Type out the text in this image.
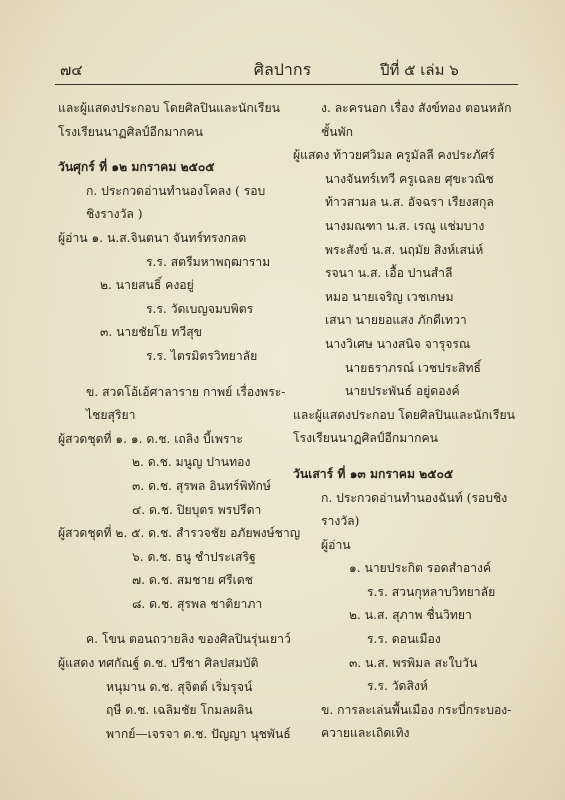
๗๔	ศิลปากร	ปีที่ ๕ เล่ม ๖
และผู้แสดงประกอบ โดยศิลปินและนักเรียน
โรงเรียนนาฏศิลป์อีกมากคน
วันศุกร์ ที่ ๑๒ มกราคม ๒๕๐๕
ก. ประกวดอ่านทำนองโคลง ( รอบ
ชิงรางวัล )
ผู้อ่าน ๑. น.ส.จินตนา จันทร์ทรงกลด
ร.ร. สตรีมหาพฤฒาราม
๒. นายสนธิ์ คงอยู่
ร.ร. วัดเบญจมบพิตร
๓. นายชัยโย ทวีสุข
ร.ร. ไตรมิตรวิทยาลัย
ข. สวดโอ้เอ้ศาลาราย กาพย์ เรื่องพระ-
ไชยสุริยา
ผู้สวดชุดที่ ๑. ๑. ด.ช. เถลิง บี้เพราะ
๒. ด.ช. มนูญ ปานทอง
๓. ด.ช. สุรพล อินทร์พิทักษ์
๔. ด.ช. ปิยบุตร พรปรีดา
ผู้สวดชุดที่ ๒. ๕. ด.ช. สำรวจชัย อภัยพงษ์ชาญ
๖. ด.ช. ธนู ชำประเสริฐ
๗. ด.ช. สมชาย ศรีเดช
๘. ด.ช. สุรพล ชาติยาภา
ค. โขน ตอนถวายลิง ของศิลปินรุ่นเยาว์
ผู้แสดง ทศกัณฐ์ ด.ช. ปรีชา ศิลปสมบัติ
หนุมาน ด.ช. สุจิตต์ เริ่มรุจน์
ฤษี ด.ช. เฉลิมชัย โกมลผลิน
พากย์—เจรจา ด.ช. ปัญญา นุชพันธ์
ง. ละครนอก เรื่อง สังข์ทอง ตอนหลัก
ชั้นพัก
ผู้แสดง ท้าวยศวิมล ครูมัลลี คงประภัศร์
นางจันทร์เทวี ครูเฉลย ศุขะวณิช
ท้าวสามล น.ส. อัจฉรา เรียงสกุล
นางมณฑา น.ส. เรณู แช่มบาง
พระสังข์ น.ส. นฤมัย สิงห์เสน่ห์
รจนา น.ส. เอื้อ ปานสำลี
หมอ นายเจริญ เวชเกษม
เสนา นายยอแสง ภักดีเทวา
นางวิเศษ นางสนิจ จารุจรณ
นายธราภรณ์ เวชประสิทธิ์
นายประพันธ์ อยู่ดองค์
และผู้แสดงประกอบ โดยศิลปินและนักเรียน
โรงเรียนนาฏศิลป์อีกมากคน
วันเสาร์ ที่ ๑๓ มกราคม ๒๕๐๕
ก. ประกวดอ่านทำนองฉันท์ (รอบชิง
รางวัล)
ผู้อ่าน
๑. นายประกิต รอดสำอางค์
ร.ร. สวนกุหลาบวิทยาลัย
๒. น.ส. สุภาพ ชื่นวิทยา
ร.ร. ดอนเมือง
๓. น.ส. พรพิมล สะใบวัน
ร.ร. วัดสิงห์
ข. การละเล่นพื้นเมือง กระบี่กระบอง-
ควายและเถิดเทิง
